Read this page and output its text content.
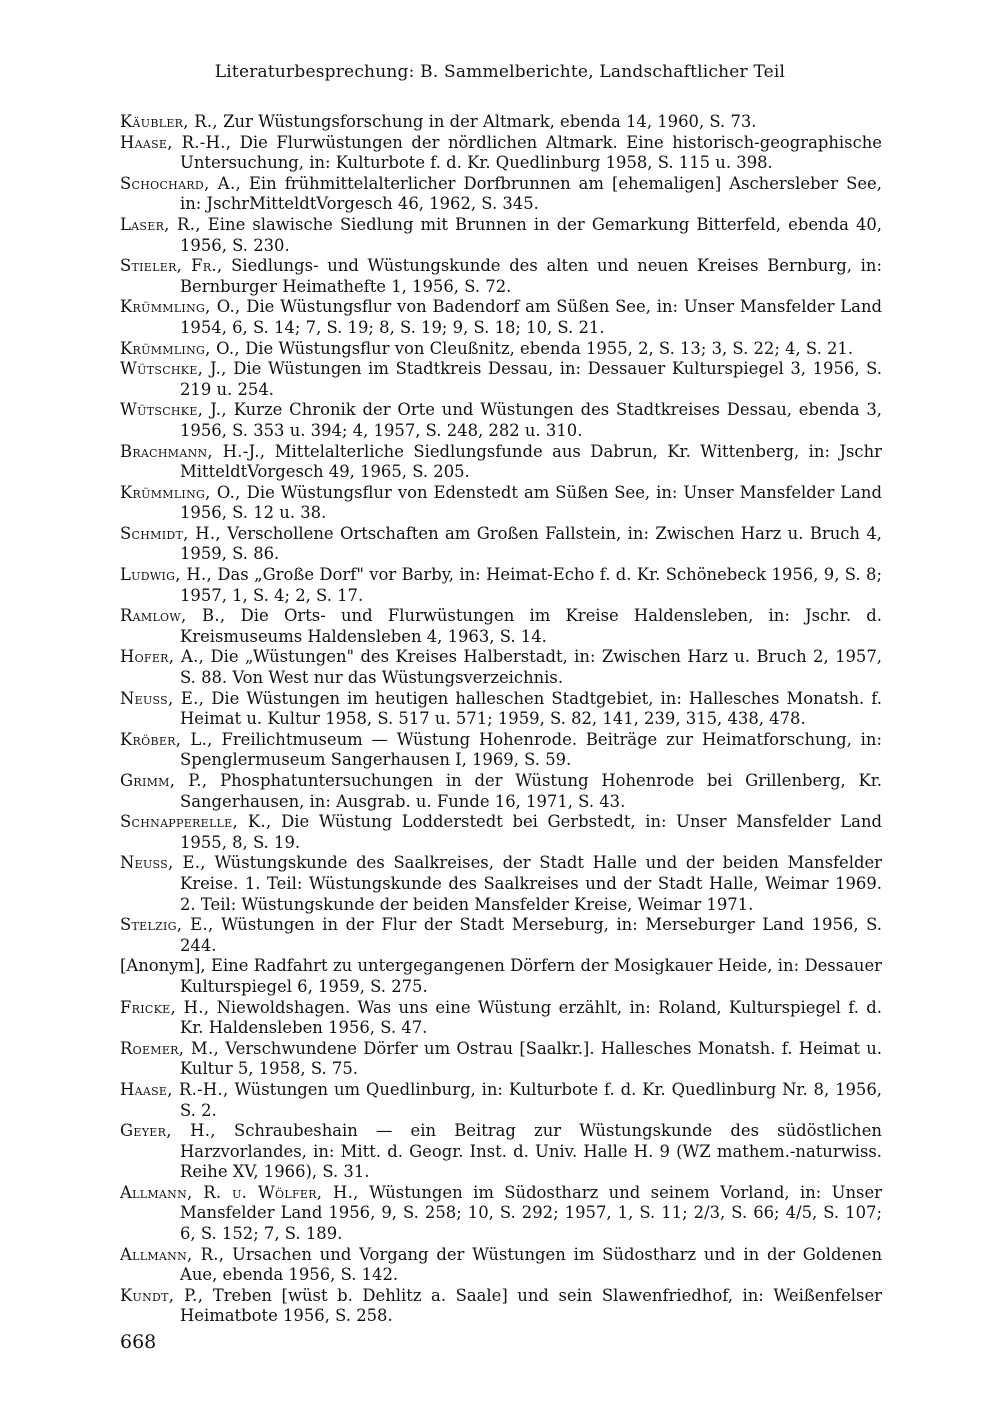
Literaturbesprechung: B. Sammelberichte, Landschaftlicher Teil
Käubler, R., Zur Wüstungsforschung in der Altmark, ebenda 14, 1960, S. 73.
Haase, R.-H., Die Flurwüstungen der nördlichen Altmark. Eine historisch-geographische Untersuchung, in: Kulturbote f. d. Kr. Quedlinburg 1958, S. 115 u. 398.
Schochard, A., Ein frühmittelalterlicher Dorfbrunnen am [ehemaligen] Aschersleber See, in: JschrMitteldtVorgesch 46, 1962, S. 345.
Laser, R., Eine slawische Siedlung mit Brunnen in der Gemarkung Bitterfeld, ebenda 40, 1956, S. 230.
Stieler, Fr., Siedlungs- und Wüstungskunde des alten und neuen Kreises Bernburg, in: Bernburger Heimathefte 1, 1956, S. 72.
Krümmling, O., Die Wüstungsflur von Badendorf am Süßen See, in: Unser Mansfelder Land 1954, 6, S. 14; 7, S. 19; 8, S. 19; 9, S. 18; 10, S. 21.
Krümmling, O., Die Wüstungsflur von Cleußnitz, ebenda 1955, 2, S. 13; 3, S. 22; 4, S. 21.
Wütschke, J., Die Wüstungen im Stadtkreis Dessau, in: Dessauer Kulturspiegel 3, 1956, S. 219 u. 254.
Wütschke, J., Kurze Chronik der Orte und Wüstungen des Stadtkreises Dessau, ebenda 3, 1956, S. 353 u. 394; 4, 1957, S. 248, 282 u. 310.
Brachmann, H.-J., Mittelalterliche Siedlungsfunde aus Dabrun, Kr. Wittenberg, in: Jschr MitteldtVorgesch 49, 1965, S. 205.
Krümmling, O., Die Wüstungsflur von Edenstedt am Süßen See, in: Unser Mansfelder Land 1956, S. 12 u. 38.
Schmidt, H., Verschollene Ortschaften am Großen Fallstein, in: Zwischen Harz u. Bruch 4, 1959, S. 86.
Ludwig, H., Das „Große Dorf" vor Barby, in: Heimat-Echo f. d. Kr. Schönebeck 1956, 9, S. 8; 1957, 1, S. 4; 2, S. 17.
Ramlow, B., Die Orts- und Flurwüstungen im Kreise Haldensleben, in: Jschr. d. Kreismuseums Haldensleben 4, 1963, S. 14.
Hofer, A., Die „Wüstungen" des Kreises Halberstadt, in: Zwischen Harz u. Bruch 2, 1957, S. 88. Von West nur das Wüstungsverzeichnis.
Neuss, E., Die Wüstungen im heutigen halleschen Stadtgebiet, in: Hallesches Monatsh. f. Heimat u. Kultur 1958, S. 517 u. 571; 1959, S. 82, 141, 239, 315, 438, 478.
Kröber, L., Freilichtmuseum — Wüstung Hohenrode. Beiträge zur Heimatforschung, in: Spenglermuseum Sangerhausen I, 1969, S. 59.
Grimm, P., Phosphatuntersuchungen in der Wüstung Hohenrode bei Grillenberg, Kr. Sangerhausen, in: Ausgrab. u. Funde 16, 1971, S. 43.
Schnapperelle, K., Die Wüstung Lodderstedt bei Gerbstedt, in: Unser Mansfelder Land 1955, 8, S. 19.
Neuss, E., Wüstungskunde des Saalkreises, der Stadt Halle und der beiden Mansfelder Kreise. 1. Teil: Wüstungskunde des Saalkreises und der Stadt Halle, Weimar 1969. 2. Teil: Wüstungskunde der beiden Mansfelder Kreise, Weimar 1971.
Stelzig, E., Wüstungen in der Flur der Stadt Merseburg, in: Merseburger Land 1956, S. 244.
[Anonym], Eine Radfahrt zu untergegangenen Dörfern der Mosigkauer Heide, in: Dessauer Kulturspiegel 6, 1959, S. 275.
Fricke, H., Niewoldshagen. Was uns eine Wüstung erzählt, in: Roland, Kulturspiegel f. d. Kr. Haldensleben 1956, S. 47.
Roemer, M., Verschwundene Dörfer um Ostrau [Saalkr.]. Hallesches Monatsh. f. Heimat u. Kultur 5, 1958, S. 75.
Haase, R.-H., Wüstungen um Quedlinburg, in: Kulturbote f. d. Kr. Quedlinburg Nr. 8, 1956, S. 2.
Geyer, H., Schraubeshain — ein Beitrag zur Wüstungskunde des südöstlichen Harzvorlandes, in: Mitt. d. Geogr. Inst. d. Univ. Halle H. 9 (WZ mathem.-naturwiss. Reihe XV, 1966), S. 31.
Allmann, R. u. Wölfer, H., Wüstungen im Südostharz und seinem Vorland, in: Unser Mansfelder Land 1956, 9, S. 258; 10, S. 292; 1957, 1, S. 11; 2/3, S. 66; 4/5, S. 107; 6, S. 152; 7, S. 189.
Allmann, R., Ursachen und Vorgang der Wüstungen im Südostharz und in der Goldenen Aue, ebenda 1956, S. 142.
Kundt, P., Treben [wüst b. Dehlitz a. Saale] und sein Slawenfriedhof, in: Weißenfelser Heimatbote 1956, S. 258.
668
